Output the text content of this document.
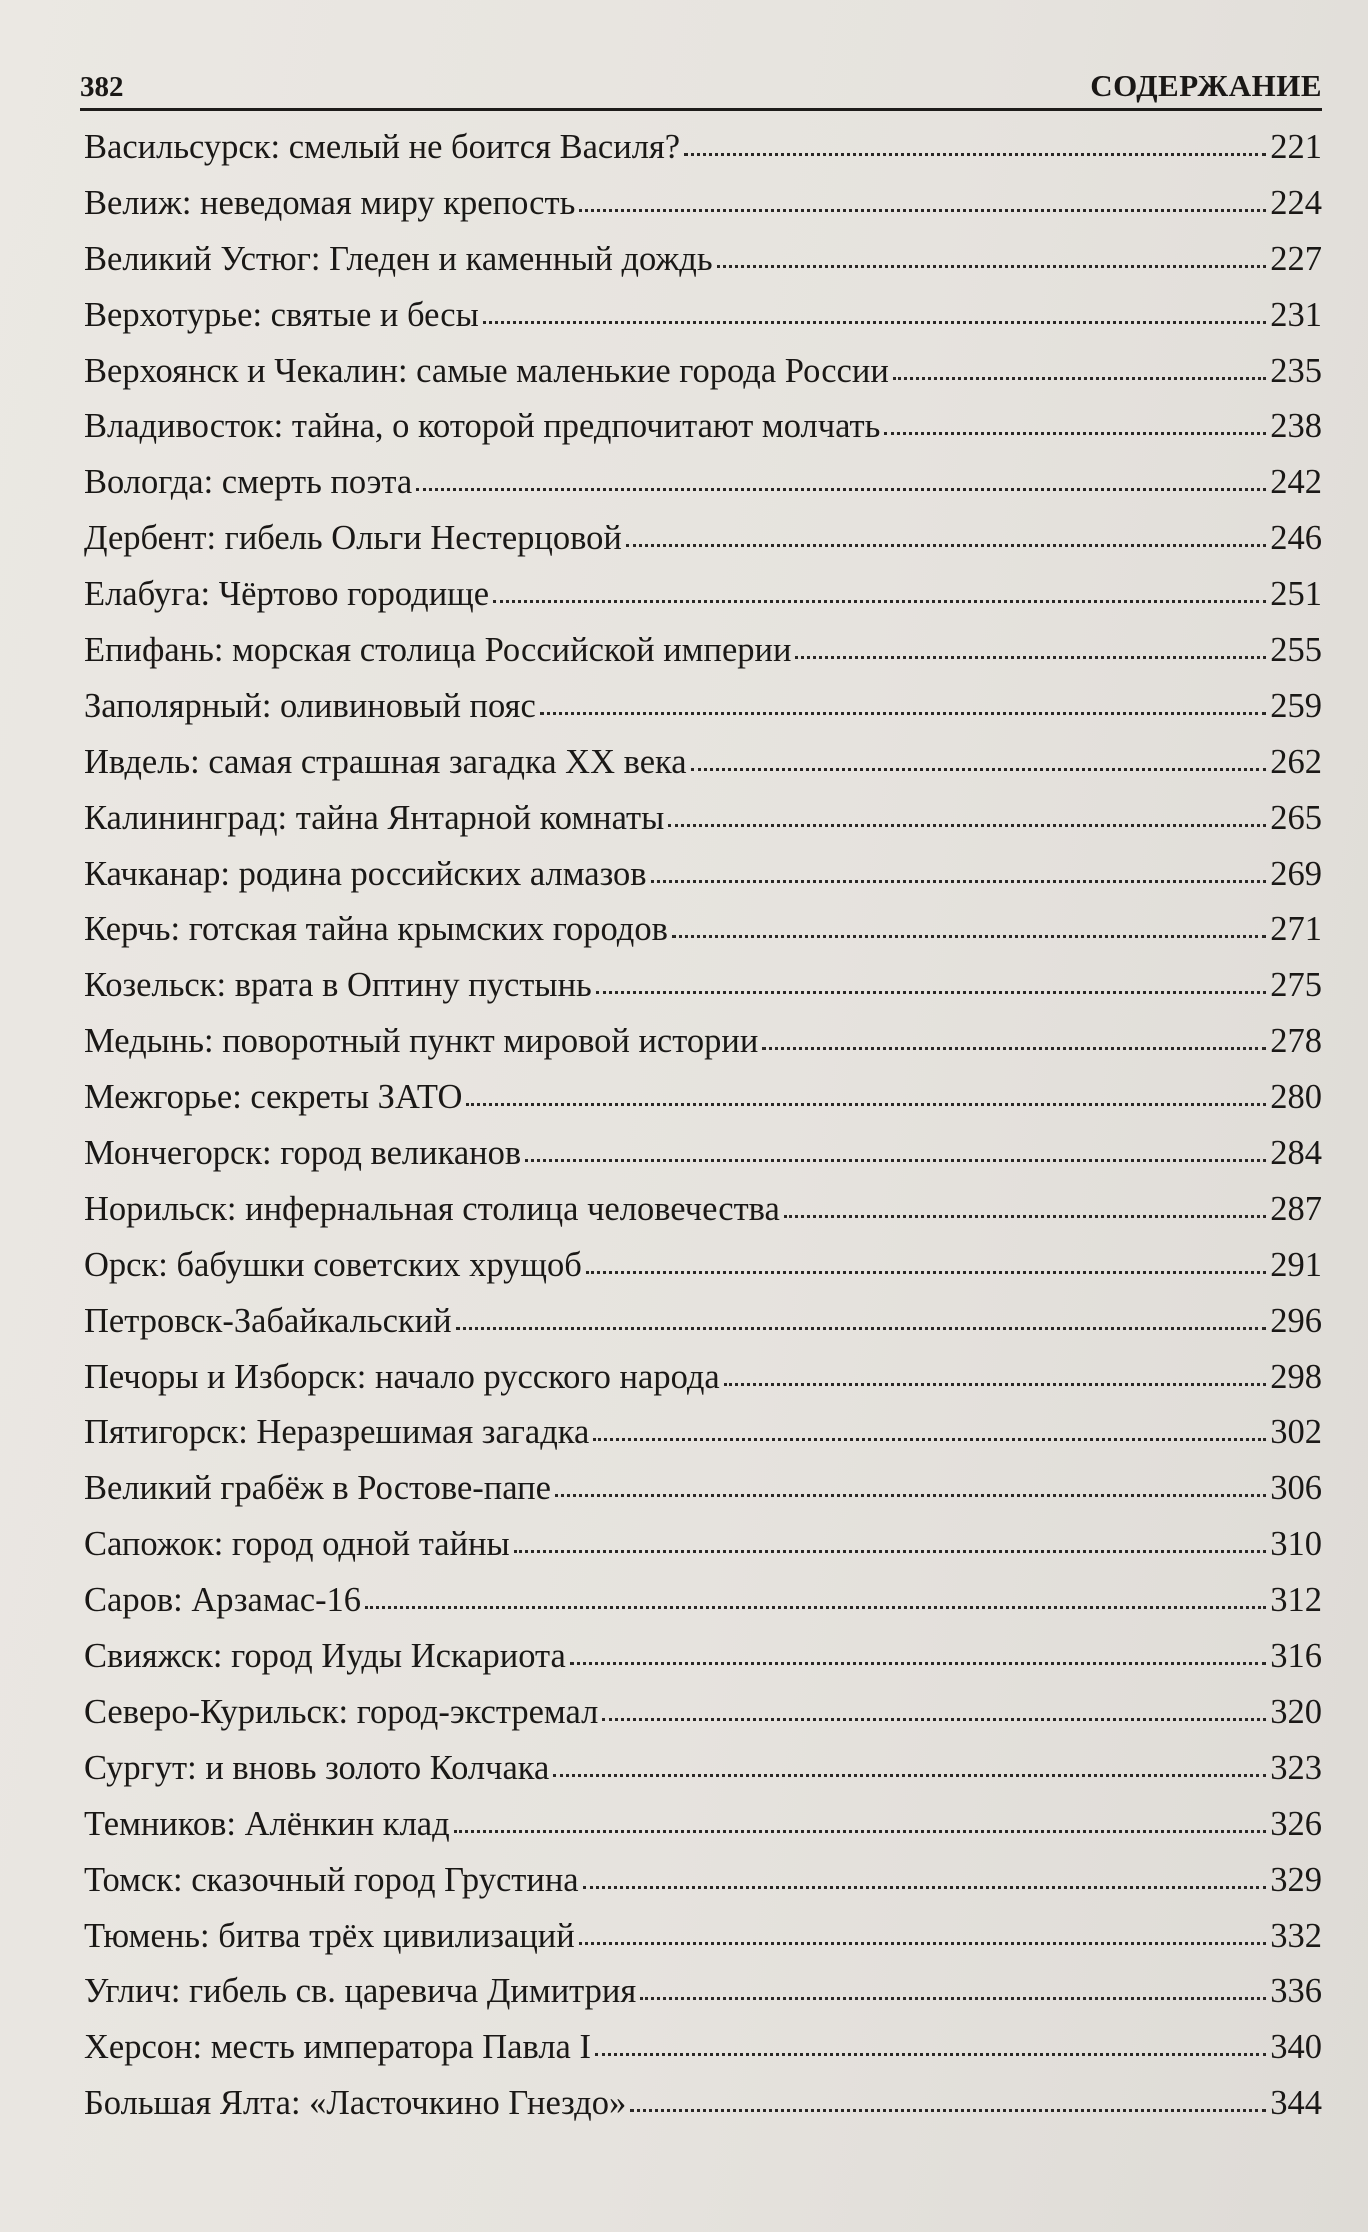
382	СОДЕРЖАНИЕ
Васильсурск: смелый не боится Василя?	221
Велиж: неведомая миру крепость	224
Великий Устюг: Гледен и каменный дождь	227
Верхотурье: святые и бесы	231
Верхоянск и Чекалин: самые маленькие города России	235
Владивосток: тайна, о которой предпочитают молчать	238
Вологда: смерть поэта	242
Дербент: гибель Ольги Нестерцовой	246
Елабуга: Чёртово городище	251
Епифань: морская столица Российской империи	255
Заполярный: оливиновый пояс	259
Ивдель: самая страшная загадка XX века	262
Калининград: тайна Янтарной комнаты	265
Качканар: родина российских алмазов	269
Керчь: готская тайна крымских городов	271
Козельск: врата в Оптину пустынь	275
Медынь: поворотный пункт мировой истории	278
Межгорье: секреты ЗАТО	280
Мончегорск: город великанов	284
Норильск: инфернальная столица человечества	287
Орск: бабушки советских хрущоб	291
Петровск-Забайкальский	296
Печоры и Изборск: начало русского народа	298
Пятигорск: Неразрешимая загадка	302
Великий грабёж в Ростове-папе	306
Сапожок: город одной тайны	310
Саров: Арзамас-16	312
Свияжск: город Иуды Искариота	316
Северо-Курильск: город-экстремал	320
Сургут: и вновь золото Колчака	323
Темников: Алёнкин клад	326
Томск: сказочный город Грустина	329
Тюмень: битва трёх цивилизаций	332
Углич: гибель св. царевича Димитрия	336
Херсон: месть императора Павла I	340
Большая Ялта: «Ласточкино Гнездо»	344
